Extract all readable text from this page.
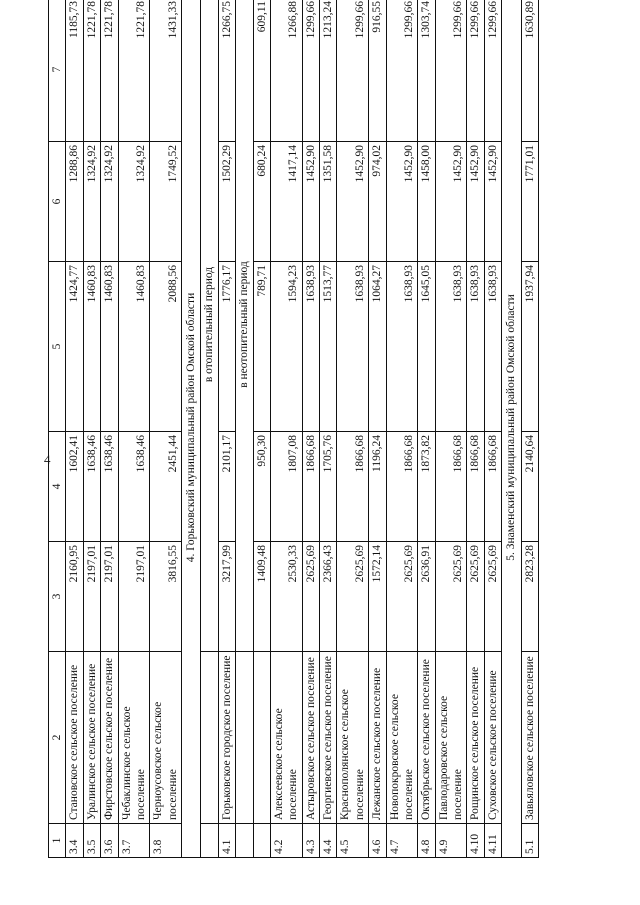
4
1	2	3	4	5	6	7
3.4	Становское сельское поселение	2160,95	1602,41	1424,77	1288,86	1185,73
3.5	Уралинское сельское поселение	2197,01	1638,46	1460,83	1324,92	1221,78
3.6	Фирстовское сельское поселение	2197,01	1638,46	1460,83	1324,92	1221,78
3.7	Чебаклинское сельское поселение	2197,01	1638,46	1460,83	1324,92	1221,78
3.8	Черноусовское сельское поселение	3816,55	2451,44	2088,56	1749,52	1431,33
4. Горьковский муниципальный район Омской области						
		в отопительный период				
4.1	Горьковское городское поселение	3217,99	2101,17	1776,17	1502,29	1266,75
		в неотопительный период				
		1409,48	950,30	789,71	680,24	609,11
4.2	Алексеевское сельское поселение	2530,33	1807,08	1594,23	1417,14	1266,88
4.3	Астыровское сельское поселение	2625,69	1866,68	1638,93	1452,90	1299,66
4.4	Георгиевское сельское поселение	2366,43	1705,76	1513,77	1351,58	1213,24
4.5	Краснополянское сельское поселение	2625,69	1866,68	1638,93	1452,90	1299,66
4.6	Лежанское сельское поселение	1572,14	1196,24	1064,27	974,02	916,55
4.7	Новопокровское сельское поселение	2625,69	1866,68	1638,93	1452,90	1299,66
4.8	Октябрьское сельское поселение	2636,91	1873,82	1645,05	1458,00	1303,74
4.9	Павлодаровское сельское поселение	2625,69	1866,68	1638,93	1452,90	1299,66
4.10	Рощинское сельское поселение	2625,69	1866,68	1638,93	1452,90	1299,66
4.11	Суховское сельское поселение	2625,69	1866,68	1638,93	1452,90	1299,66
5. Знаменский муниципальный район Омской области						
5.1	Завьяловское сельское поселение	2823,28	2140,64	1937,94	1771,01	1630,89
